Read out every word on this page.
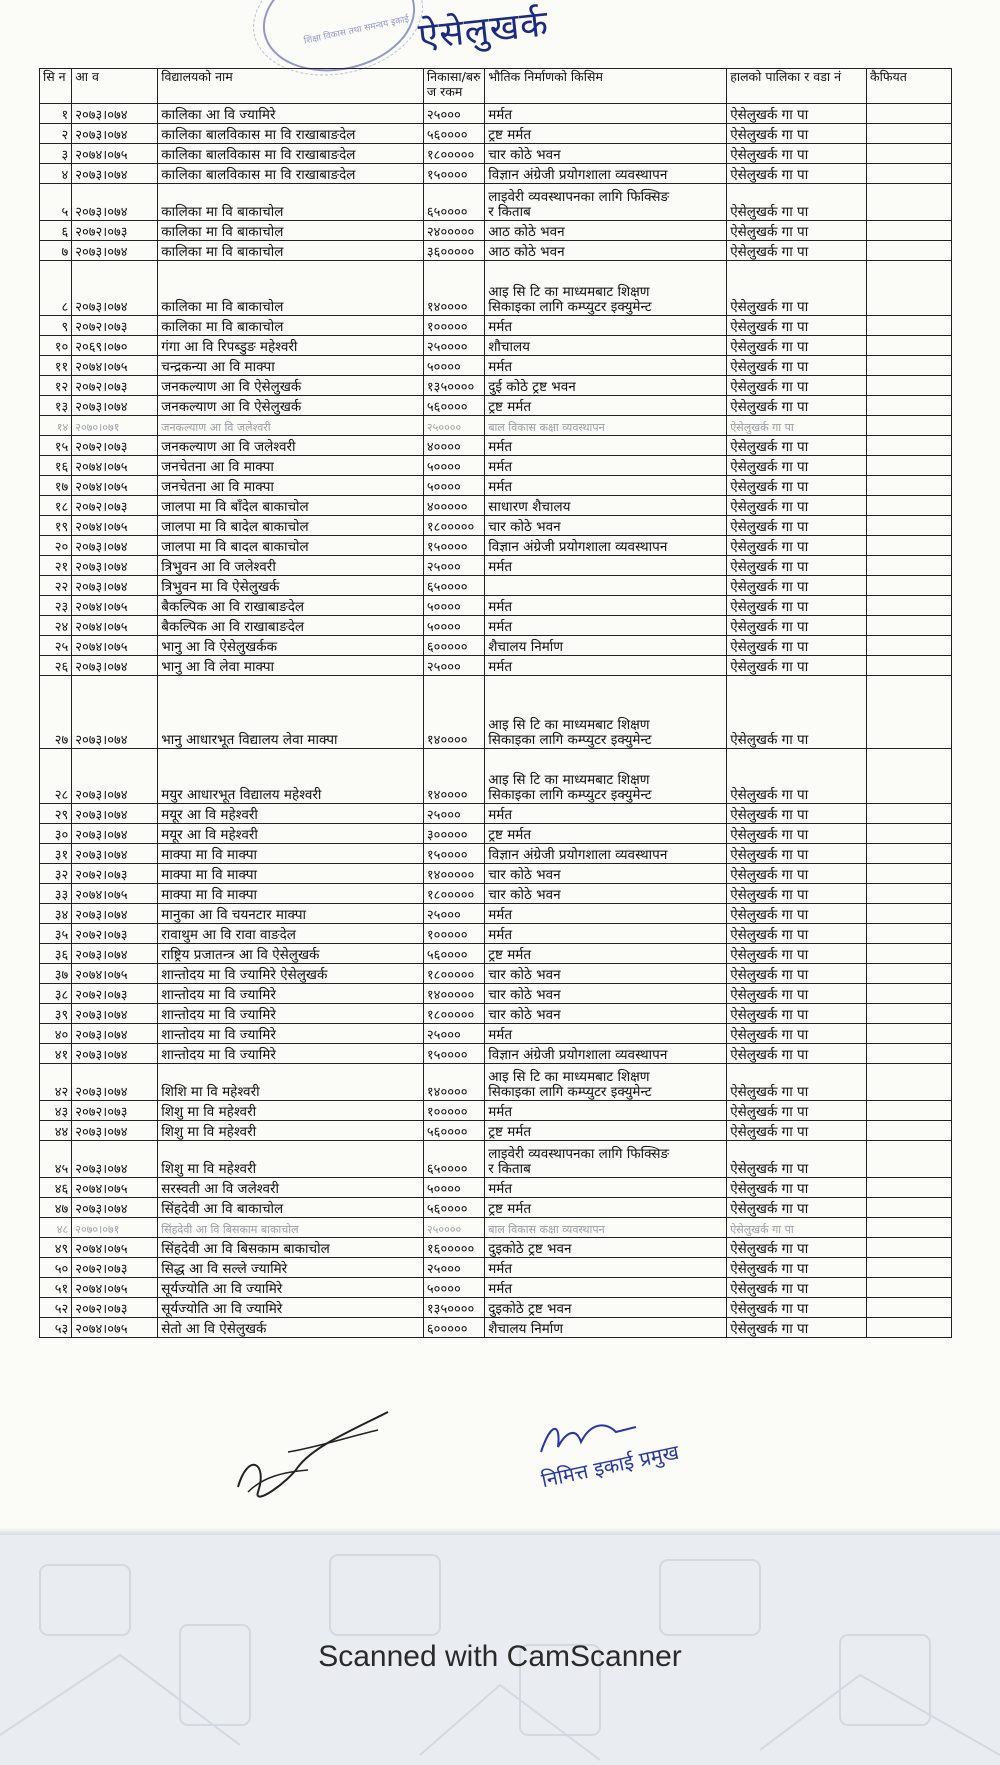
शिक्षा विकास तथा समन्वय इकाई ऐसेलुखर्क
सि न	आ व	विद्यालयको नाम	निकासा/बरु ज रकम	भौतिक निर्माणको किसिम	हालको पालिका र वडा नं	कैफियत
१	२०७३।०७४	कालिका आ वि ज्यामिरे	२५०००	मर्मत	ऐसेलुखर्क गा पा	
२	२०७३।०७४	कालिका बालविकास मा वि राखाबाङदेल	५६००००	ट्रष्ट मर्मत	ऐसेलुखर्क गा पा	
३	२०७४।०७५	कालिका बालविकास मा वि राखाबाङदेल	१८०००००	चार कोठे भवन	ऐसेलुखर्क गा पा	
४	२०७३।०७४	कालिका बालविकास मा वि राखाबाङदेल	१५००००	विज्ञान अंग्रेजी प्रयोगशाला व्यवस्थापन	ऐसेलुखर्क गा पा	
५	२०७३।०७४	कालिका मा वि बाकाचोल	६५००००	लाइवेरी व्यवस्थापनका लागि फिक्सिङ
र किताब	ऐसेलुखर्क गा पा	
६	२०७२।०७३	कालिका मा वि बाकाचोल	२४०००००	आठ कोठे भवन	ऐसेलुखर्क गा पा	
७	२०७३।०७४	कालिका मा वि बाकाचोल	३६०००००	आठ कोठे भवन	ऐसेलुखर्क गा पा	
८	२०७३।०७४	कालिका मा वि बाकाचोल	१४००००	आइ सि टि का माध्यमबाट शिक्षण
सिकाइका लागि कम्प्युटर इक्युमेन्ट	ऐसेलुखर्क गा पा	
९	२०७२।०७३	कालिका मा वि बाकाचोल	१०००००	मर्मत	ऐसेलुखर्क गा पा	
१०	२०६९।०७०	गंगा आ वि रिपब्डुङ महेश्वरी	२५००००	शौचालय	ऐसेलुखर्क गा पा	
११	२०७४।०७५	चन्द्रकन्या आ वि माक्पा	५००००	मर्मत	ऐसेलुखर्क गा पा	
१२	२०७२।०७३	जनकल्याण आ वि ऐसेलुखर्क	१३५००००	दुई कोठे ट्रष्ट भवन	ऐसेलुखर्क गा पा	
१३	२०७३।०७४	जनकल्याण आ वि ऐसेलुखर्क	५६००००	ट्रष्ट मर्मत	ऐसेलुखर्क गा पा	
१४	२०७०।०७१	जनकल्याण आ वि जलेश्वरी	२५००००	बाल विकास कक्षा व्यवस्थापन	ऐसेलुखर्क गा पा	
१५	२०७२।०७३	जनकल्याण आ वि जलेश्वरी	४००००	मर्मत	ऐसेलुखर्क गा पा	
१६	२०७४।०७५	जनचेतना आ वि माक्पा	५००००	मर्मत	ऐसेलुखर्क गा पा	
१७	२०७४।०७५	जनचेतना आ वि माक्पा	५००००	मर्मत	ऐसेलुखर्क गा पा	
१८	२०७२।०७३	जालपा मा वि बाँदेल बाकाचोल	४०००००	साधारण शैचालय	ऐसेलुखर्क गा पा	
१९	२०७४।०७५	जालपा मा वि बादेल बाकाचोल	१८०००००	चार कोठे भवन	ऐसेलुखर्क गा पा	
२०	२०७३।०७४	जालपा मा वि बादल बाकाचोल	१५००००	विज्ञान अंग्रेजी प्रयोगशाला व्यवस्थापन	ऐसेलुखर्क गा पा	
२१	२०७३।०७४	त्रिभुवन आ वि जलेश्वरी	२५०००	मर्मत	ऐसेलुखर्क गा पा	
२२	२०७३।०७४	त्रिभुवन मा वि ऐसेलुखर्क	६५००००		ऐसेलुखर्क गा पा	
२३	२०७४।०७५	बैकल्पिक आ वि राखाबाङदेल	५००००	मर्मत	ऐसेलुखर्क गा पा	
२४	२०७४।०७५	बैकल्पिक आ वि राखाबाङदेल	५००००	मर्मत	ऐसेलुखर्क गा पा	
२५	२०७४।०७५	भानु आ वि ऐसेलुखर्कक	६०००००	शैचालय निर्माण	ऐसेलुखर्क गा पा	
२६	२०७३।०७४	भानु आ वि लेवा माक्पा	२५०००	मर्मत	ऐसेलुखर्क गा पा	
२७	२०७३।०७४	भानु आधारभूत विद्यालय लेवा माक्पा	१४००००	आइ सि टि का माध्यमबाट शिक्षण
सिकाइका लागि कम्प्युटर इक्युमेन्ट	ऐसेलुखर्क गा पा	
२८	२०७३।०७४	मयुर आधारभूत विद्यालय महेश्वरी	१४००००	आइ सि टि का माध्यमबाट शिक्षण
सिकाइका लागि कम्प्युटर इक्युमेन्ट	ऐसेलुखर्क गा पा	
२९	२०७३।०७४	मयूर आ वि महेश्वरी	२५०००	मर्मत	ऐसेलुखर्क गा पा	
३०	२०७३।०७४	मयूर आ वि महेश्वरी	३०००००	ट्रष्ट मर्मत	ऐसेलुखर्क गा पा	
३१	२०७३।०७४	माक्पा मा वि माक्पा	१५००००	विज्ञान अंग्रेजी प्रयोगशाला व्यवस्थापन	ऐसेलुखर्क गा पा	
३२	२०७२।०७३	माक्पा मा वि माक्पा	१४०००००	चार कोठे भवन	ऐसेलुखर्क गा पा	
३३	२०७४।०७५	माक्पा मा वि माक्पा	१८०००००	चार कोठे भवन	ऐसेलुखर्क गा पा	
३४	२०७३।०७४	मानुका आ वि चयनटार माक्पा	२५०००	मर्मत	ऐसेलुखर्क गा पा	
३५	२०७२।०७३	रावाथुम आ वि रावा वाङदेल	१०००००	मर्मत	ऐसेलुखर्क गा पा	
३६	२०७३।०७४	राष्ट्रिय प्रजातन्त्र आ वि ऐसेलुखर्क	५६००००	ट्रष्ट मर्मत	ऐसेलुखर्क गा पा	
३७	२०७४।०७५	शान्तोदय मा वि ज्यामिरे ऐसेलुखर्क	१८०००००	चार कोठे भवन	ऐसेलुखर्क गा पा	
३८	२०७२।०७३	शान्तोदय मा वि ज्यामिरे	१४०००००	चार कोठे भवन	ऐसेलुखर्क गा पा	
३९	२०७३।०७४	शान्तोदय मा वि ज्यामिरे	१८०००००	चार कोठे भवन	ऐसेलुखर्क गा पा	
४०	२०७३।०७४	शान्तोदय मा वि ज्यामिरे	२५०००	मर्मत	ऐसेलुखर्क गा पा	
४१	२०७३।०७४	शान्तोदय मा वि ज्यामिरे	१५००००	विज्ञान अंग्रेजी प्रयोगशाला व्यवस्थापन	ऐसेलुखर्क गा पा	
४२	२०७३।०७४	शिशि मा वि महेश्वरी	१४००००	आइ सि टि का माध्यमबाट शिक्षण
सिकाइका लागि कम्प्युटर इक्युमेन्ट	ऐसेलुखर्क गा पा	
४३	२०७२।०७३	शिशु मा वि महेश्वरी	१०००००	मर्मत	ऐसेलुखर्क गा पा	
४४	२०७३।०७४	शिशु मा वि महेश्वरी	५६००००	ट्रष्ट मर्मत	ऐसेलुखर्क गा पा	
४५	२०७३।०७४	शिशु मा वि महेश्वरी	६५००००	लाइवेरी व्यवस्थापनका लागि फिक्सिङ
र किताब	ऐसेलुखर्क गा पा	
४६	२०७४।०७५	सरस्वती आ वि जलेश्वरी	५००००	मर्मत	ऐसेलुखर्क गा पा	
४७	२०७३।०७४	सिंहदेवी आ वि बाकाचोल	५६००००	ट्रष्ट मर्मत	ऐसेलुखर्क गा पा	
४८	२०७०।०७१	सिंहदेवी आ वि बिसकाम बाकाचोल	२५००००	बाल विकास कक्षा व्यवस्थापन	ऐसेलुखर्क गा पा	
४९	२०७४।०७५	सिंहदेवी आ वि बिसकाम बाकाचोल	१६०००००	दुइकोठे ट्रष्ट भवन	ऐसेलुखर्क गा पा	
५०	२०७२।०७३	सिद्ध आ वि सल्ले ज्यामिरे	२५०००	मर्मत	ऐसेलुखर्क गा पा	
५१	२०७४।०७५	सूर्यज्योति आ वि ज्यामिरे	५००००	मर्मत	ऐसेलुखर्क गा पा	
५२	२०७२।०७३	सूर्यज्योति आ वि ज्यामिरे	१३५००००	दुइकोठे ट्रष्ट भवन	ऐसेलुखर्क गा पा	
५३	२०७४।०७५	सेतो आ वि ऐसेलुखर्क	६०००००	शैचालय निर्माण	ऐसेलुखर्क गा पा	
निमित्त इकाई प्रमुख
Scanned with CamScanner
